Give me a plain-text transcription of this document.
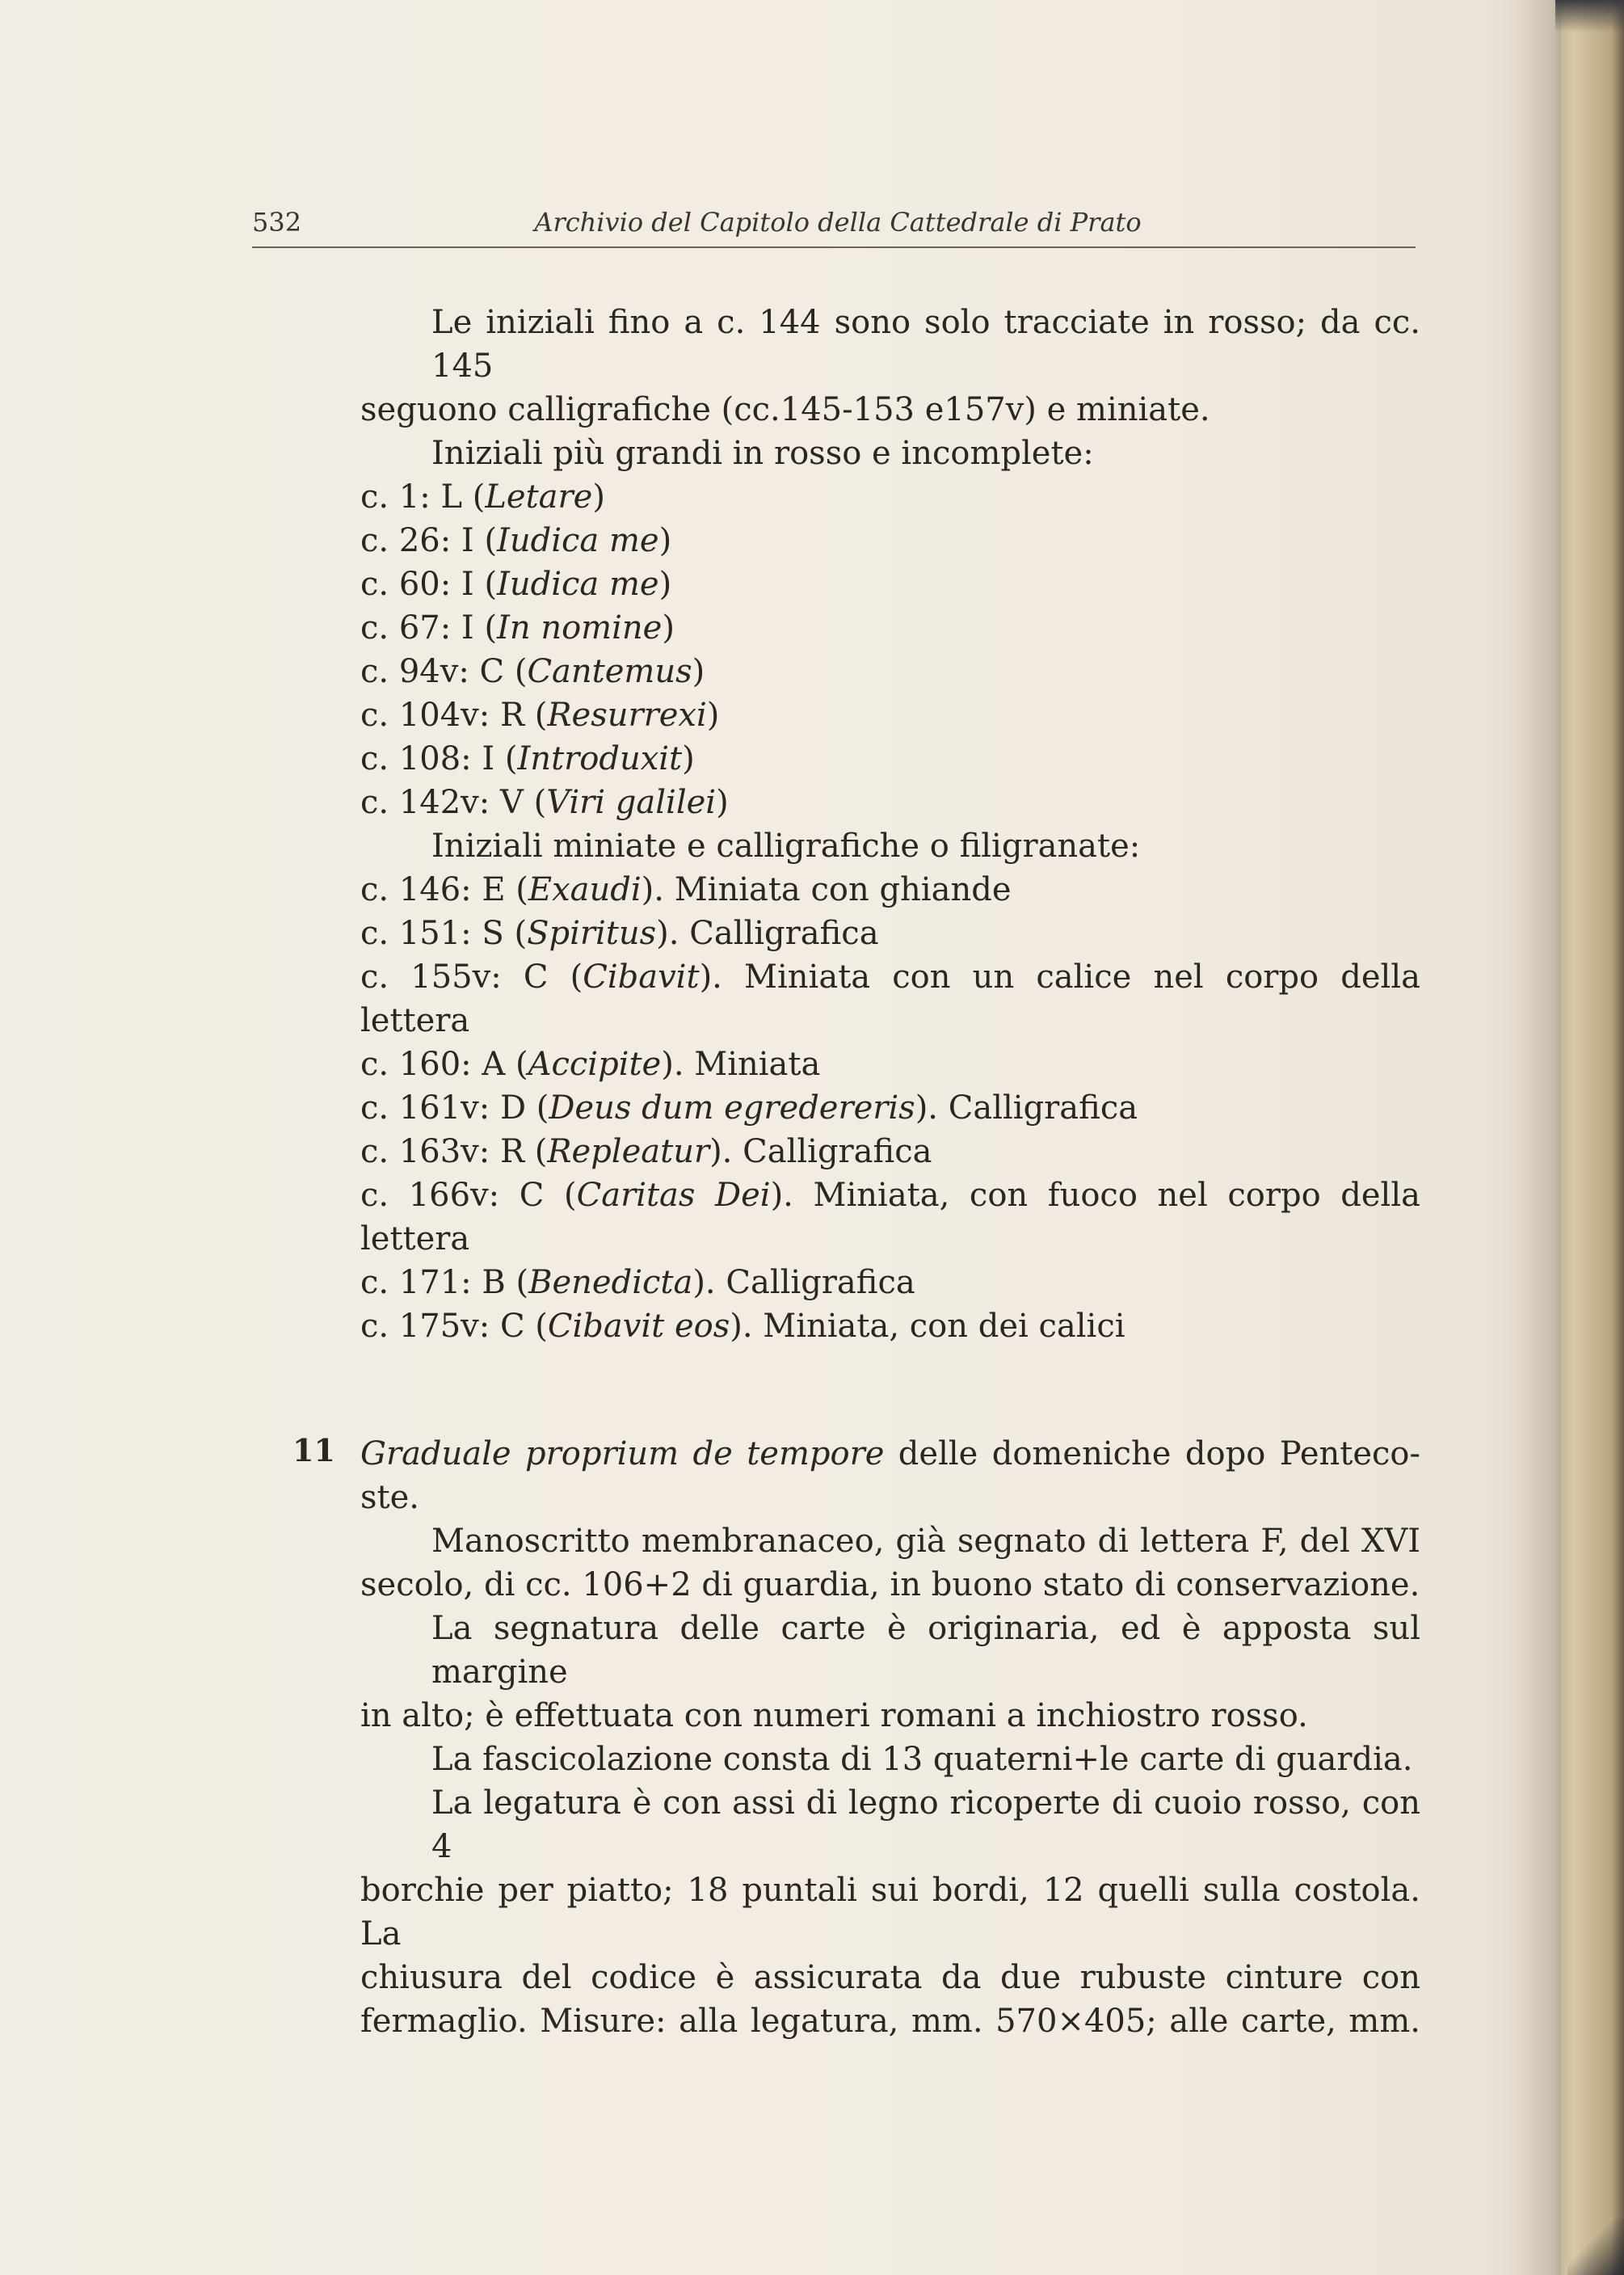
532	Archivio del Capitolo della Cattedrale di Prato
Le iniziali fino a c. 144 sono solo tracciate in rosso; da cc. 145
seguono calligrafiche (cc.145-153 e157v) e miniate.
Iniziali più grandi in rosso e incomplete:
c. 1: L (Letare)
c. 26: I (Iudica me)
c. 60: I (Iudica me)
c. 67: I (In nomine)
c. 94v: C (Cantemus)
c. 104v: R (Resurrexi)
c. 108: I (Introduxit)
c. 142v: V (Viri galilei)
Iniziali miniate e calligrafiche o filigranate:
c. 146: E (Exaudi). Miniata con ghiande
c. 151: S (Spiritus). Calligrafica
c. 155v: C (Cibavit). Miniata con un calice nel corpo della
lettera
c. 160: A (Accipite). Miniata
c. 161v: D (Deus dum egredereris). Calligrafica
c. 163v: R (Repleatur). Calligrafica
c. 166v: C (Caritas Dei). Miniata, con fuoco nel corpo della
lettera
c. 171: B (Benedicta). Calligrafica
c. 175v: C (Cibavit eos). Miniata, con dei calici
11 Graduale proprium de tempore delle domeniche dopo Penteco-
ste.
Manoscritto membranaceo, già segnato di lettera F, del XVI
secolo, di cc. 106+2 di guardia, in buono stato di conservazione.
La segnatura delle carte è originaria, ed è apposta sul margine
in alto; è effettuata con numeri romani a inchiostro rosso.
La fascicolazione consta di 13 quaterni+le carte di guardia.
La legatura è con assi di legno ricoperte di cuoio rosso, con 4
borchie per piatto; 18 puntali sui bordi, 12 quelli sulla costola. La
chiusura del codice è assicurata da due rubuste cinture con
fermaglio. Misure: alla legatura, mm. 570×405; alle carte, mm.
